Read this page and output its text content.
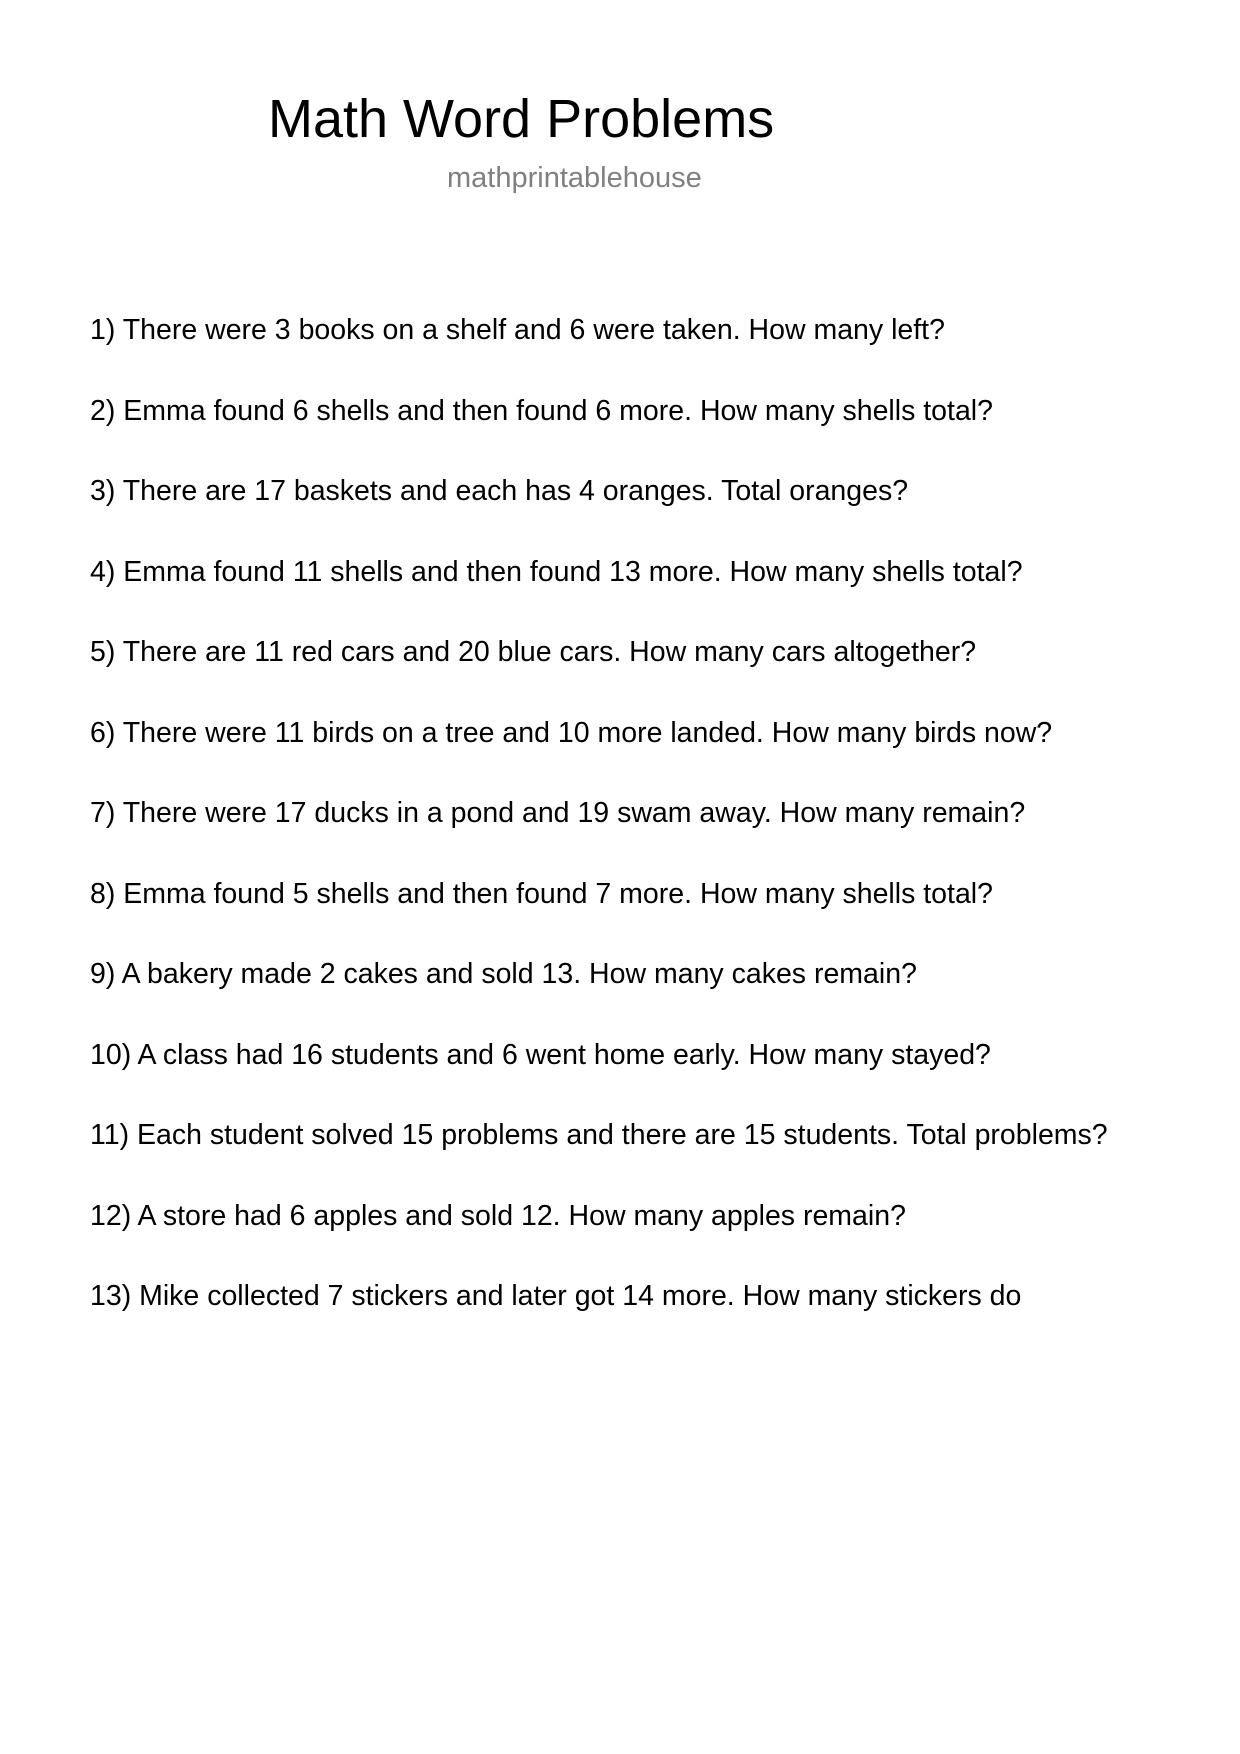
Math Word Problems
mathprintablehouse
1) There were 3 books on a shelf and 6 were taken. How many left?
2) Emma found 6 shells and then found 6 more. How many shells total?
3) There are 17 baskets and each has 4 oranges. Total oranges?
4) Emma found 11 shells and then found 13 more. How many shells total?
5) There are 11 red cars and 20 blue cars. How many cars altogether?
6) There were 11 birds on a tree and 10 more landed. How many birds now?
7) There were 17 ducks in a pond and 19 swam away. How many remain?
8) Emma found 5 shells and then found 7 more. How many shells total?
9) A bakery made 2 cakes and sold 13. How many cakes remain?
10) A class had 16 students and 6 went home early. How many stayed?
11) Each student solved 15 problems and there are 15 students. Total problems?
12) A store had 6 apples and sold 12. How many apples remain?
13) Mike collected 7 stickers and later got 14 more. How many stickers do
